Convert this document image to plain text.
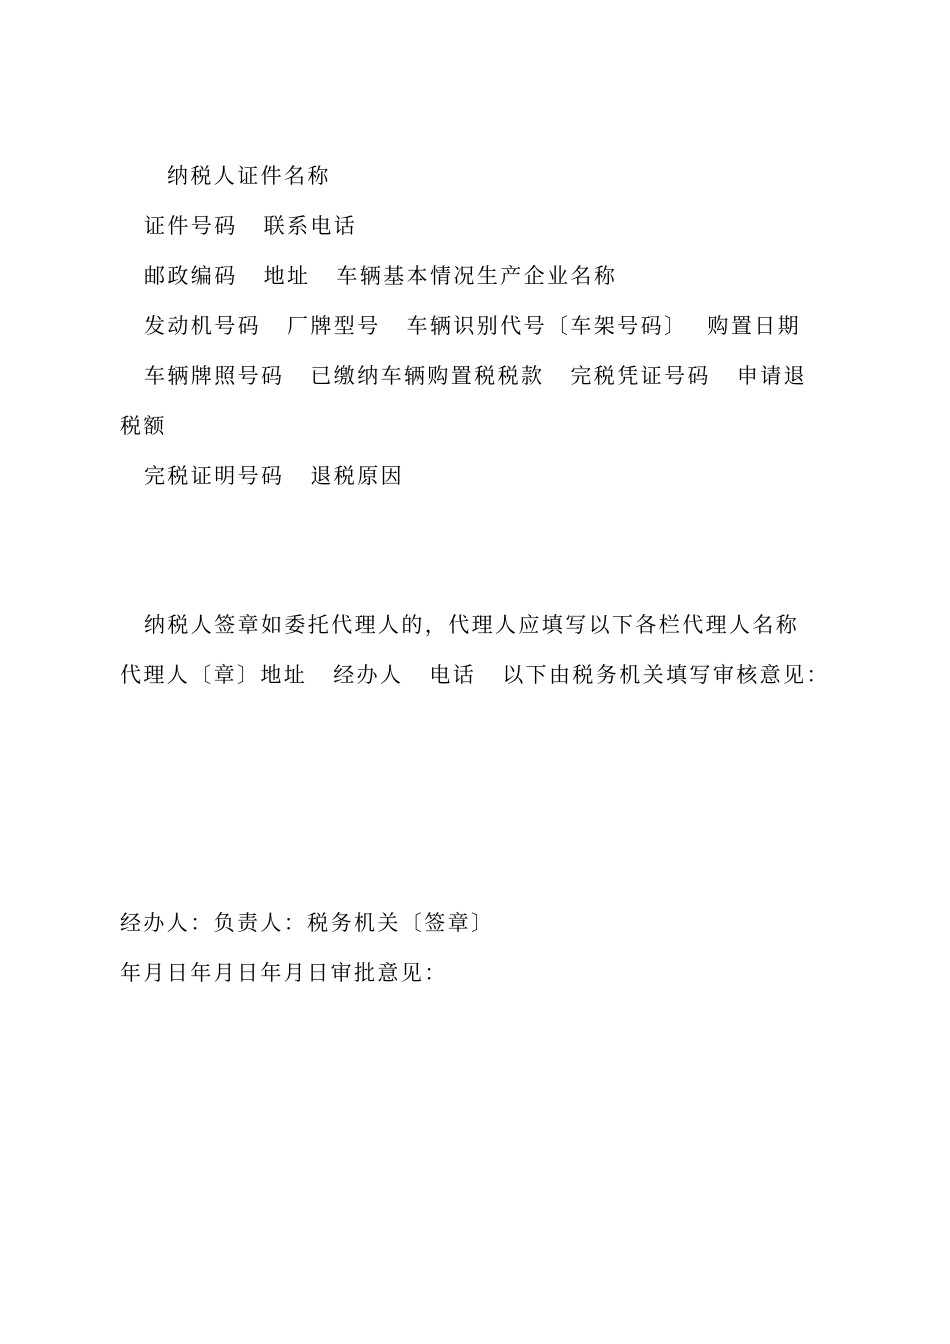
纳税人证件名称
证件号码 联系电话
邮政编码 地址 车辆基本情况生产企业名称
发动机号码 厂牌型号 车辆识别代号〔车架号码〕 购置日期
车辆牌照号码 已缴纳车辆购置税税款 完税凭证号码 申请退
税额
完税证明号码 退税原因
纳税人签章如委托代理人的，代理人应填写以下各栏代理人名称
代理人〔章〕地址 经办人 电话 以下由税务机关填写审核意见：
经办人：负责人：税务机关〔签章〕
年月日年月日年月日审批意见：
